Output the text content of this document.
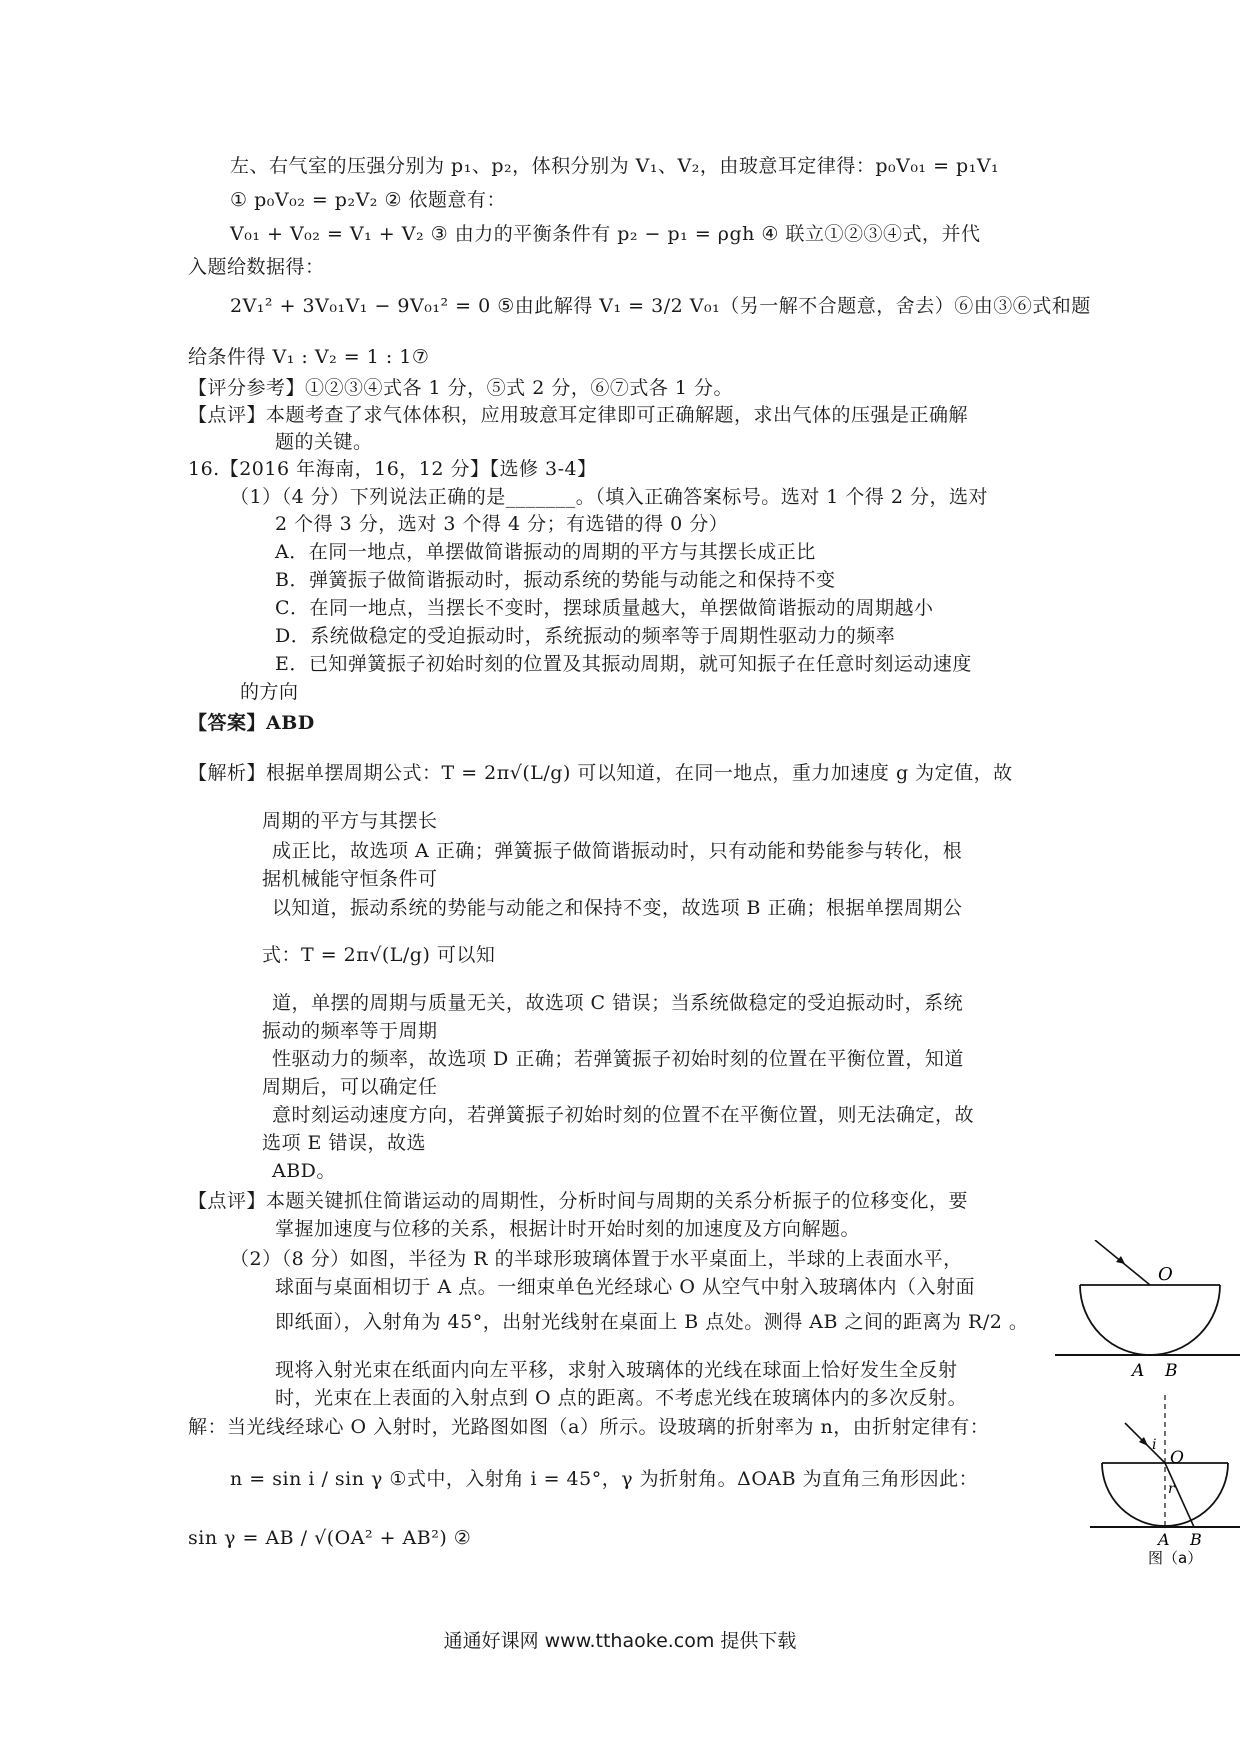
左、右气室的压强分别为 p₁、p₂，体积分别为 V₁、V₂，由玻意耳定律得：p₀V₀₁ = p₁V₁
① p₀V₀₂ = p₂V₂ ② 依题意有：
V₀₁ + V₀₂ = V₁ + V₂ ③ 由力的平衡条件有 p₂ − p₁ = ρgh ④ 联立①②③④式，并代
入题给数据得：
2V₁² + 3V₀₁V₁ − 9V₀₁² = 0 ⑤由此解得 V₁ = 3/2 V₀₁（另一解不合题意，舍去）⑥由③⑥式和题
给条件得 V₁ : V₂ = 1 : 1⑦
【评分参考】①②③④式各 1 分，⑤式 2 分，⑥⑦式各 1 分。
【点评】本题考查了求气体体积，应用玻意耳定律即可正确解题，求出气体的压强是正确解
题的关键。
16.【2016 年海南，16，12 分】【选修 3-4】
（1）（4 分）下列说法正确的是_______。（填入正确答案标号。选对 1 个得 2 分，选对
2 个得 3 分，选对 3 个得 4 分；有选错的得 0 分）
A．在同一地点，单摆做简谐振动的周期的平方与其摆长成正比
B．弹簧振子做简谐振动时，振动系统的势能与动能之和保持不变
C．在同一地点，当摆长不变时，摆球质量越大，单摆做简谐振动的周期越小
D．系统做稳定的受迫振动时，系统振动的频率等于周期性驱动力的频率
E．已知弹簧振子初始时刻的位置及其振动周期，就可知振子在任意时刻运动速度
的方向
【答案】ABD
【解析】根据单摆周期公式：T = 2π√(L/g) 可以知道，在同一地点，重力加速度 g 为定值，故
周期的平方与其摆长
成正比，故选项 A 正确；弹簧振子做简谐振动时，只有动能和势能参与转化，根
据机械能守恒条件可
以知道，振动系统的势能与动能之和保持不变，故选项 B 正确；根据单摆周期公
式：T = 2π√(L/g) 可以知
道，单摆的周期与质量无关，故选项 C 错误；当系统做稳定的受迫振动时，系统
振动的频率等于周期
性驱动力的频率，故选项 D 正确；若弹簧振子初始时刻的位置在平衡位置，知道
周期后，可以确定任
意时刻运动速度方向，若弹簧振子初始时刻的位置不在平衡位置，则无法确定，故
选项 E 错误，故选
ABD。
【点评】本题关键抓住简谐运动的周期性，分析时间与周期的关系分析振子的位移变化，要
掌握加速度与位移的关系，根据计时开始时刻的加速度及方向解题。
（2）（8 分）如图，半径为 R 的半球形玻璃体置于水平桌面上，半球的上表面水平，
球面与桌面相切于 A 点。一细束单色光经球心 O 从空气中射入玻璃体内（入射面
即纸面），入射角为 45°，出射光线射在桌面上 B 点处。测得 AB 之间的距离为 R/2 。
现将入射光束在纸面内向左平移，求射入玻璃体的光线在球面上恰好发生全反射
时，光束在上表面的入射点到 O 点的距离。不考虑光线在玻璃体内的多次反射。
解：当光线经球心 O 入射时，光路图如图（a）所示。设玻璃的折射率为 n，由折射定律有：
n = sin i / sin γ ①式中，入射角 i = 45°，γ 为折射角。ΔOAB 为直角三角形因此：
sin γ = AB / √(OA² + AB²) ②
O
A B
O
i
r
A B
图（a）
通通好课网 www.tthaoke.com 提供下载
